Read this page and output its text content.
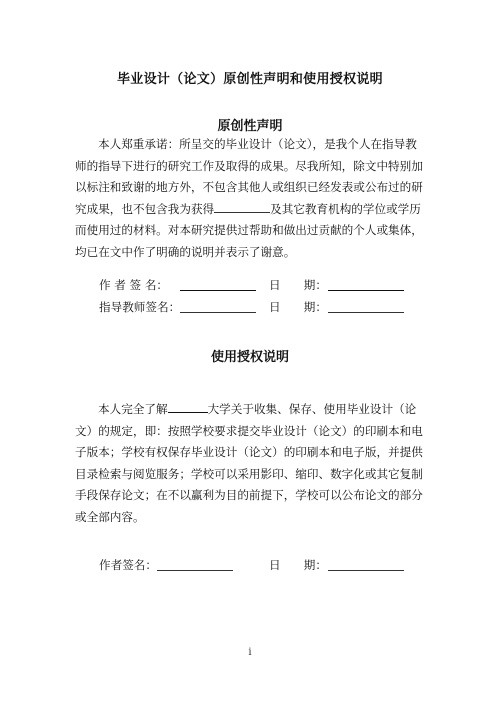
毕业设计（论文）原创性声明和使用授权说明
原创性声明

本人郑重承诺：所呈交的毕业设计（论文），是我个人在指导教
师的指导下进行的研究工作及取得的成果。尽我所知，除文中特别加
以标注和致谢的地方外，不包含其他人或组织已经发表或公布过的研
究成果，也不包含我为获得	及其它教育机构的学位或学历
而使用过的材料。对本研究提供过帮助和做出过贡献的个人或集体，
均已在文中作了明确的说明并表示了谢意。

作 者 签 名：	日　　期：
指导教师签名：	日　　期：
使用授权说明

本人完全了解	大学关于收集、保存、使用毕业设计（论
文）的规定，即：按照学校要求提交毕业设计（论文）的印刷本和电
子版本；学校有权保存毕业设计（论文）的印刷本和电子版，并提供
目录检索与阅览服务；学校可以采用影印、缩印、数字化或其它复制
手段保存论文；在不以赢利为目的前提下，学校可以公布论文的部分
或全部内容。

作者签名：	日　　期：
i
